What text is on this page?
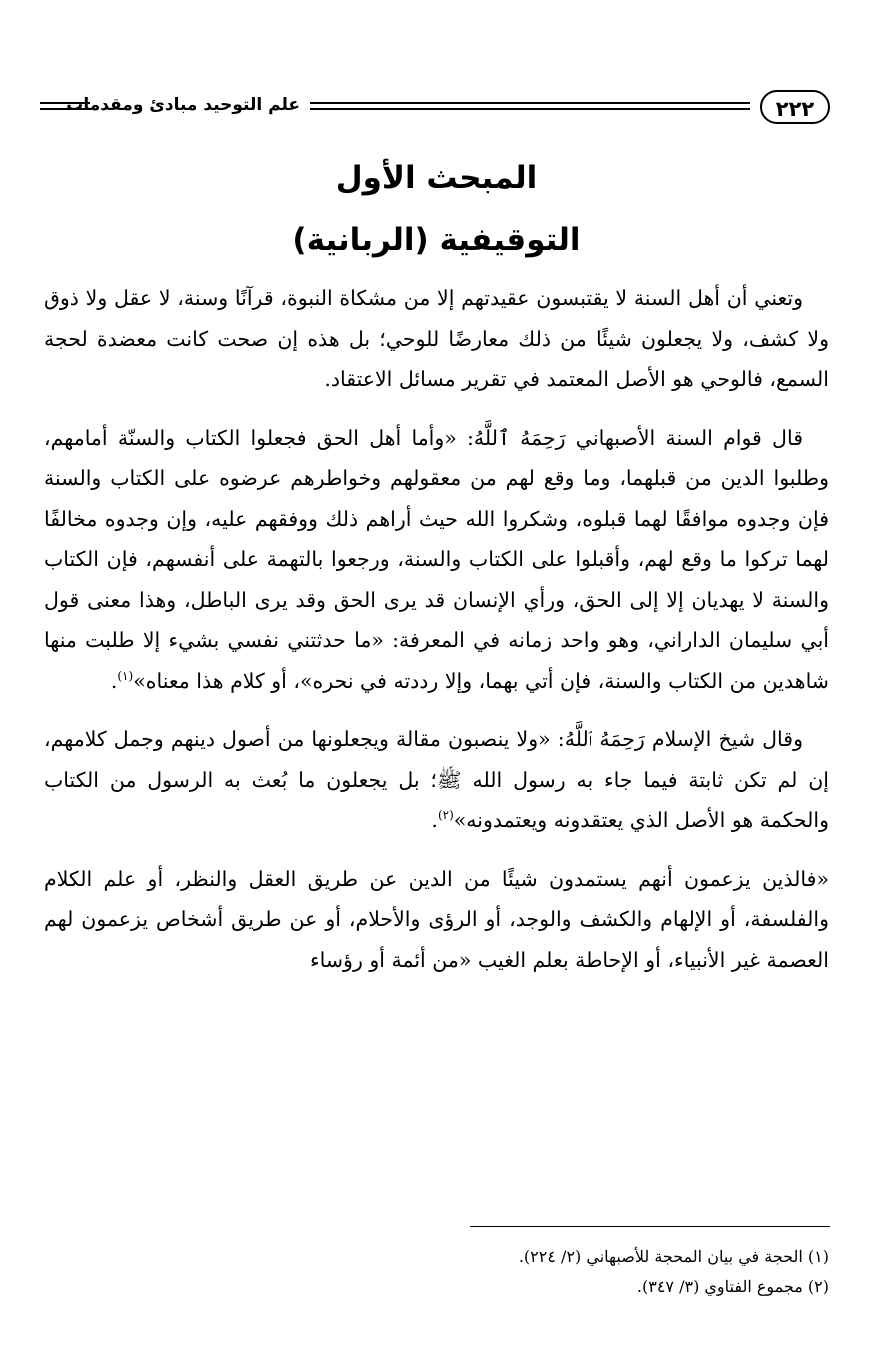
٢٢٢
علم التوحيد مبادئ ومقدمات
المبحث الأول
التوقيفية (الربانية)

وتعني أن أهل السنة لا يقتبسون عقيدتهم إلا من مشكاة النبوة، قرآنًا وسنة، لا عقل ولا ذوق ولا كشف، ولا يجعلون شيئًا من ذلك معارضًا للوحي؛ بل هذه إن صحت كانت معضدة لحجة السمع، فالوحي هو الأصل المعتمد في تقرير مسائل الاعتقاد.

قال قوام السنة الأصبهاني رَحِمَهُ ٱللَّهُ: «وأما أهل الحق فجعلوا الكتاب والسنّة أمامهم، وطلبوا الدين من قبلهما، وما وقع لهم من معقولهم وخواطرهم عرضوه على الكتاب والسنة فإن وجدوه موافقًا لهما قبلوه، وشكروا الله حيث أراهم ذلك ووفقهم عليه، وإن وجدوه مخالفًا لهما تركوا ما وقع لهم، وأقبلوا على الكتاب والسنة، ورجعوا بالتهمة على أنفسهم، فإن الكتاب والسنة لا يهديان إلا إلى الحق، ورأي الإنسان قد يرى الحق وقد يرى الباطل، وهذا معنى قول أبي سليمان الداراني، وهو واحد زمانه في المعرفة: «ما حدثتني نفسي بشيء إلا طلبت منها شاهدين من الكتاب والسنة، فإن أتي بهما، وإلا رددته في نحره»، أو كلام هذا معناه»$^{(١)}$.

وقال شيخ الإسلام رَحِمَهُ ٱللَّهُ: «ولا ينصبون مقالة ويجعلونها من أصول دينهم وجمل كلامهم، إن لم تكن ثابتة فيما جاء به رسول الله ﷺ؛ بل يجعلون ما بُعث به الرسول من الكتاب والحكمة هو الأصل الذي يعتقدونه ويعتمدونه»$^{(٢)}$.

«فالذين يزعمون أنهم يستمدون شيئًا من الدين عن طريق العقل والنظر، أو علم الكلام والفلسفة، أو الإلهام والكشف والوجد، أو الرؤى والأحلام، أو عن طريق أشخاص يزعمون لهم العصمة غير الأنبياء، أو الإحاطة بعلم الغيب «من أئمة أو رؤساء

(١) الحجة في بيان المحجة للأصبهاني (٢/ ٢٢٤).
(٢) مجموع الفتاوي (٣/ ٣٤٧).
